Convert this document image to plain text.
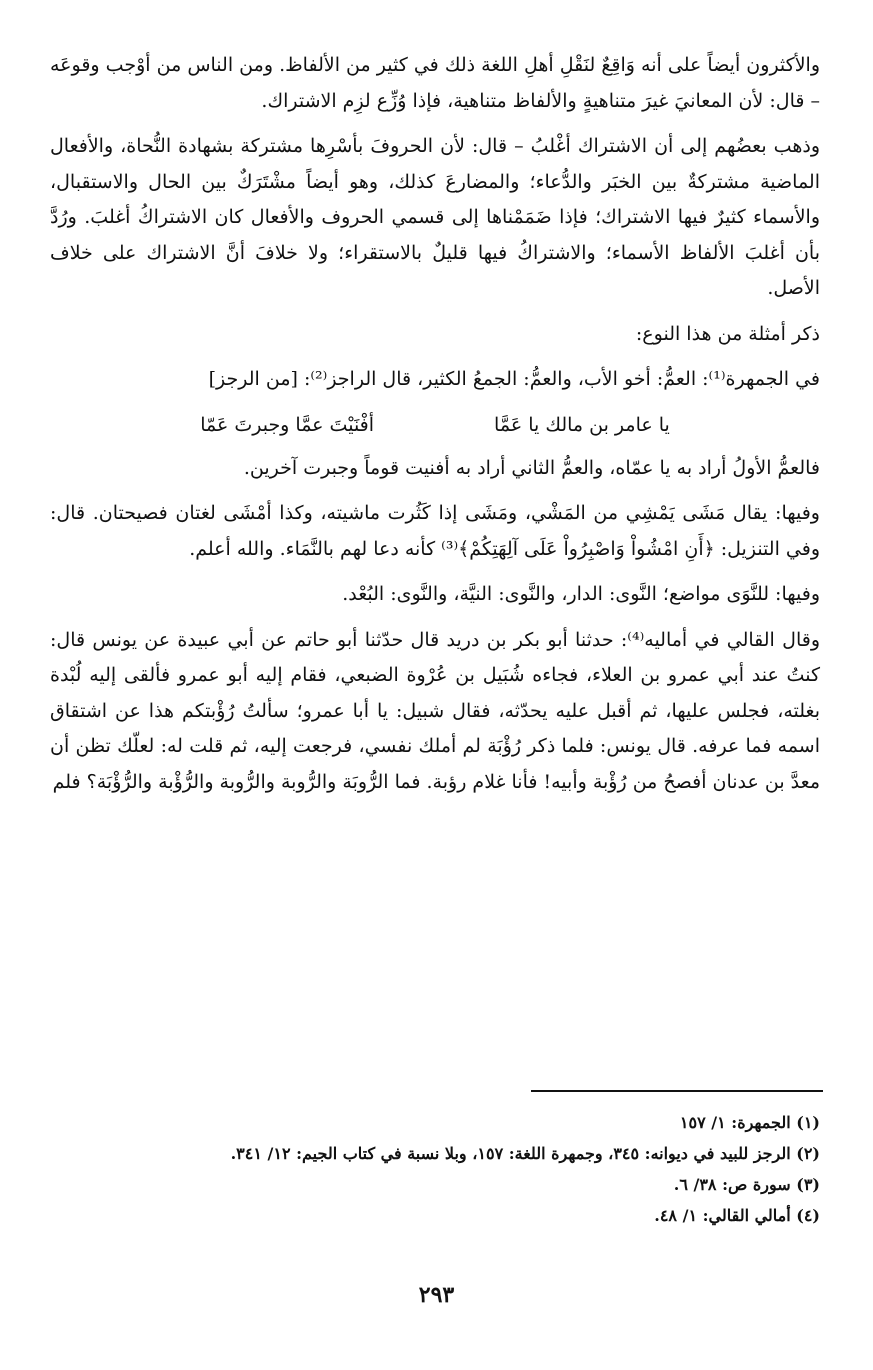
والأكثرون أيضاً على أنه وَاقِعٌ لنَقْلِ أهلِ اللغة ذلك في كثير من الألفاظ. ومن الناس من أوْجب وقوعَه – قال: لأن المعانيَ غيرَ متناهيةٍ والألفاظ متناهية، فإذا وُزِّع لزِم الاشتراك.

وذهب بعضُهم إلى أن الاشتراك أغْلبُ – قال: لأن الحروفَ بأسْرِها مشتركة بشهادة النُّحاة، والأفعال الماضية مشتركةٌ بين الخبَر والدُّعاء؛ والمضارعَ كذلك، وهو أيضاً مشْتَرَكٌ بين الحال والاستقبال، والأسماء كثيرٌ فيها الاشتراك؛ فإذا ضَمَمْناها إلى قسمي الحروف والأفعال كان الاشتراكُ أغلبَ. ورُدَّ بأن أغلبَ الألفاظ الأسماء؛ والاشتراكُ فيها قليلٌ بالاستقراء؛ ولا خلافَ أنَّ الاشتراك على خلاف الأصل.

ذكر أمثلة من هذا النوع:

في الجمهرة⁽¹⁾: العمُّ: أخو الأب، والعمُّ: الجمعُ الكثير، قال الراجز⁽²⁾: [من الرجز]

يا عامر بن مالك يا عَمَّا
أفْنَيْتَ عمَّا وجبرتَ عَمّا

فالعمُّ الأولُ أراد به يا عمّاه، والعمُّ الثاني أراد به أفنيت قوماً وجبرت آخرين.

وفيها: يقال مَشَى يَمْشِي من المَشْي، ومَشَى إذا كَثُرت ماشيته، وكذا أمْشَى لغتان فصيحتان. قال: وفي التنزيل: ﴿أَنِ امْشُواْ وَاصْبِرُواْ عَلَى آلِهَتِكُمْ﴾⁽³⁾ كأنه دعا لهم بالنَّمَاء. والله أعلم.

وفيها: للنَّوَى مواضع؛ النَّوى: الدار، والنَّوى: النيَّة، والنَّوى: البُعْد.

وقال القالي في أماليه⁽⁴⁾: حدثنا أبو بكر بن دريد قال حدّثنا أبو حاتم عن أبي عبيدة عن يونس قال: كنتُ عند أبي عمرو بن العلاء، فجاءه شُبَيل بن عُرْوة الضبعي، فقام إليه أبو عمرو فألقى إليه لُبْدة بغلته، فجلس عليها، ثم أقبل عليه يحدّثه، فقال شبيل: يا أبا عمرو؛ سألتُ رُؤْبتكم هذا عن اشتقاق اسمه فما عرفه. قال يونس: فلما ذكر رُؤْبَة لم أملك نفسي، فرجعت إليه، ثم قلت له: لعلّك تظن أن معدَّ بن عدنان أفصحُ من رُؤْبة وأبيه! فأنا غلام رؤبة. فما الرُّوبَة والرُّوبة والرُّوبة والرُّؤْبة والرُّؤْبَة؟ فلم

(١) الجمهرة: ١/ ١٥٧

(٢) الرجز للبيد في ديوانه: ٣٤٥، وجمهرة اللغة: ١٥٧، وبلا نسبة في كتاب الجيم: ١٢/ ٣٤١.

(٣) سورة ص: ٣٨/ ٦.

(٤) أمالي القالي: ١/ ٤٨.

٢٩٣
